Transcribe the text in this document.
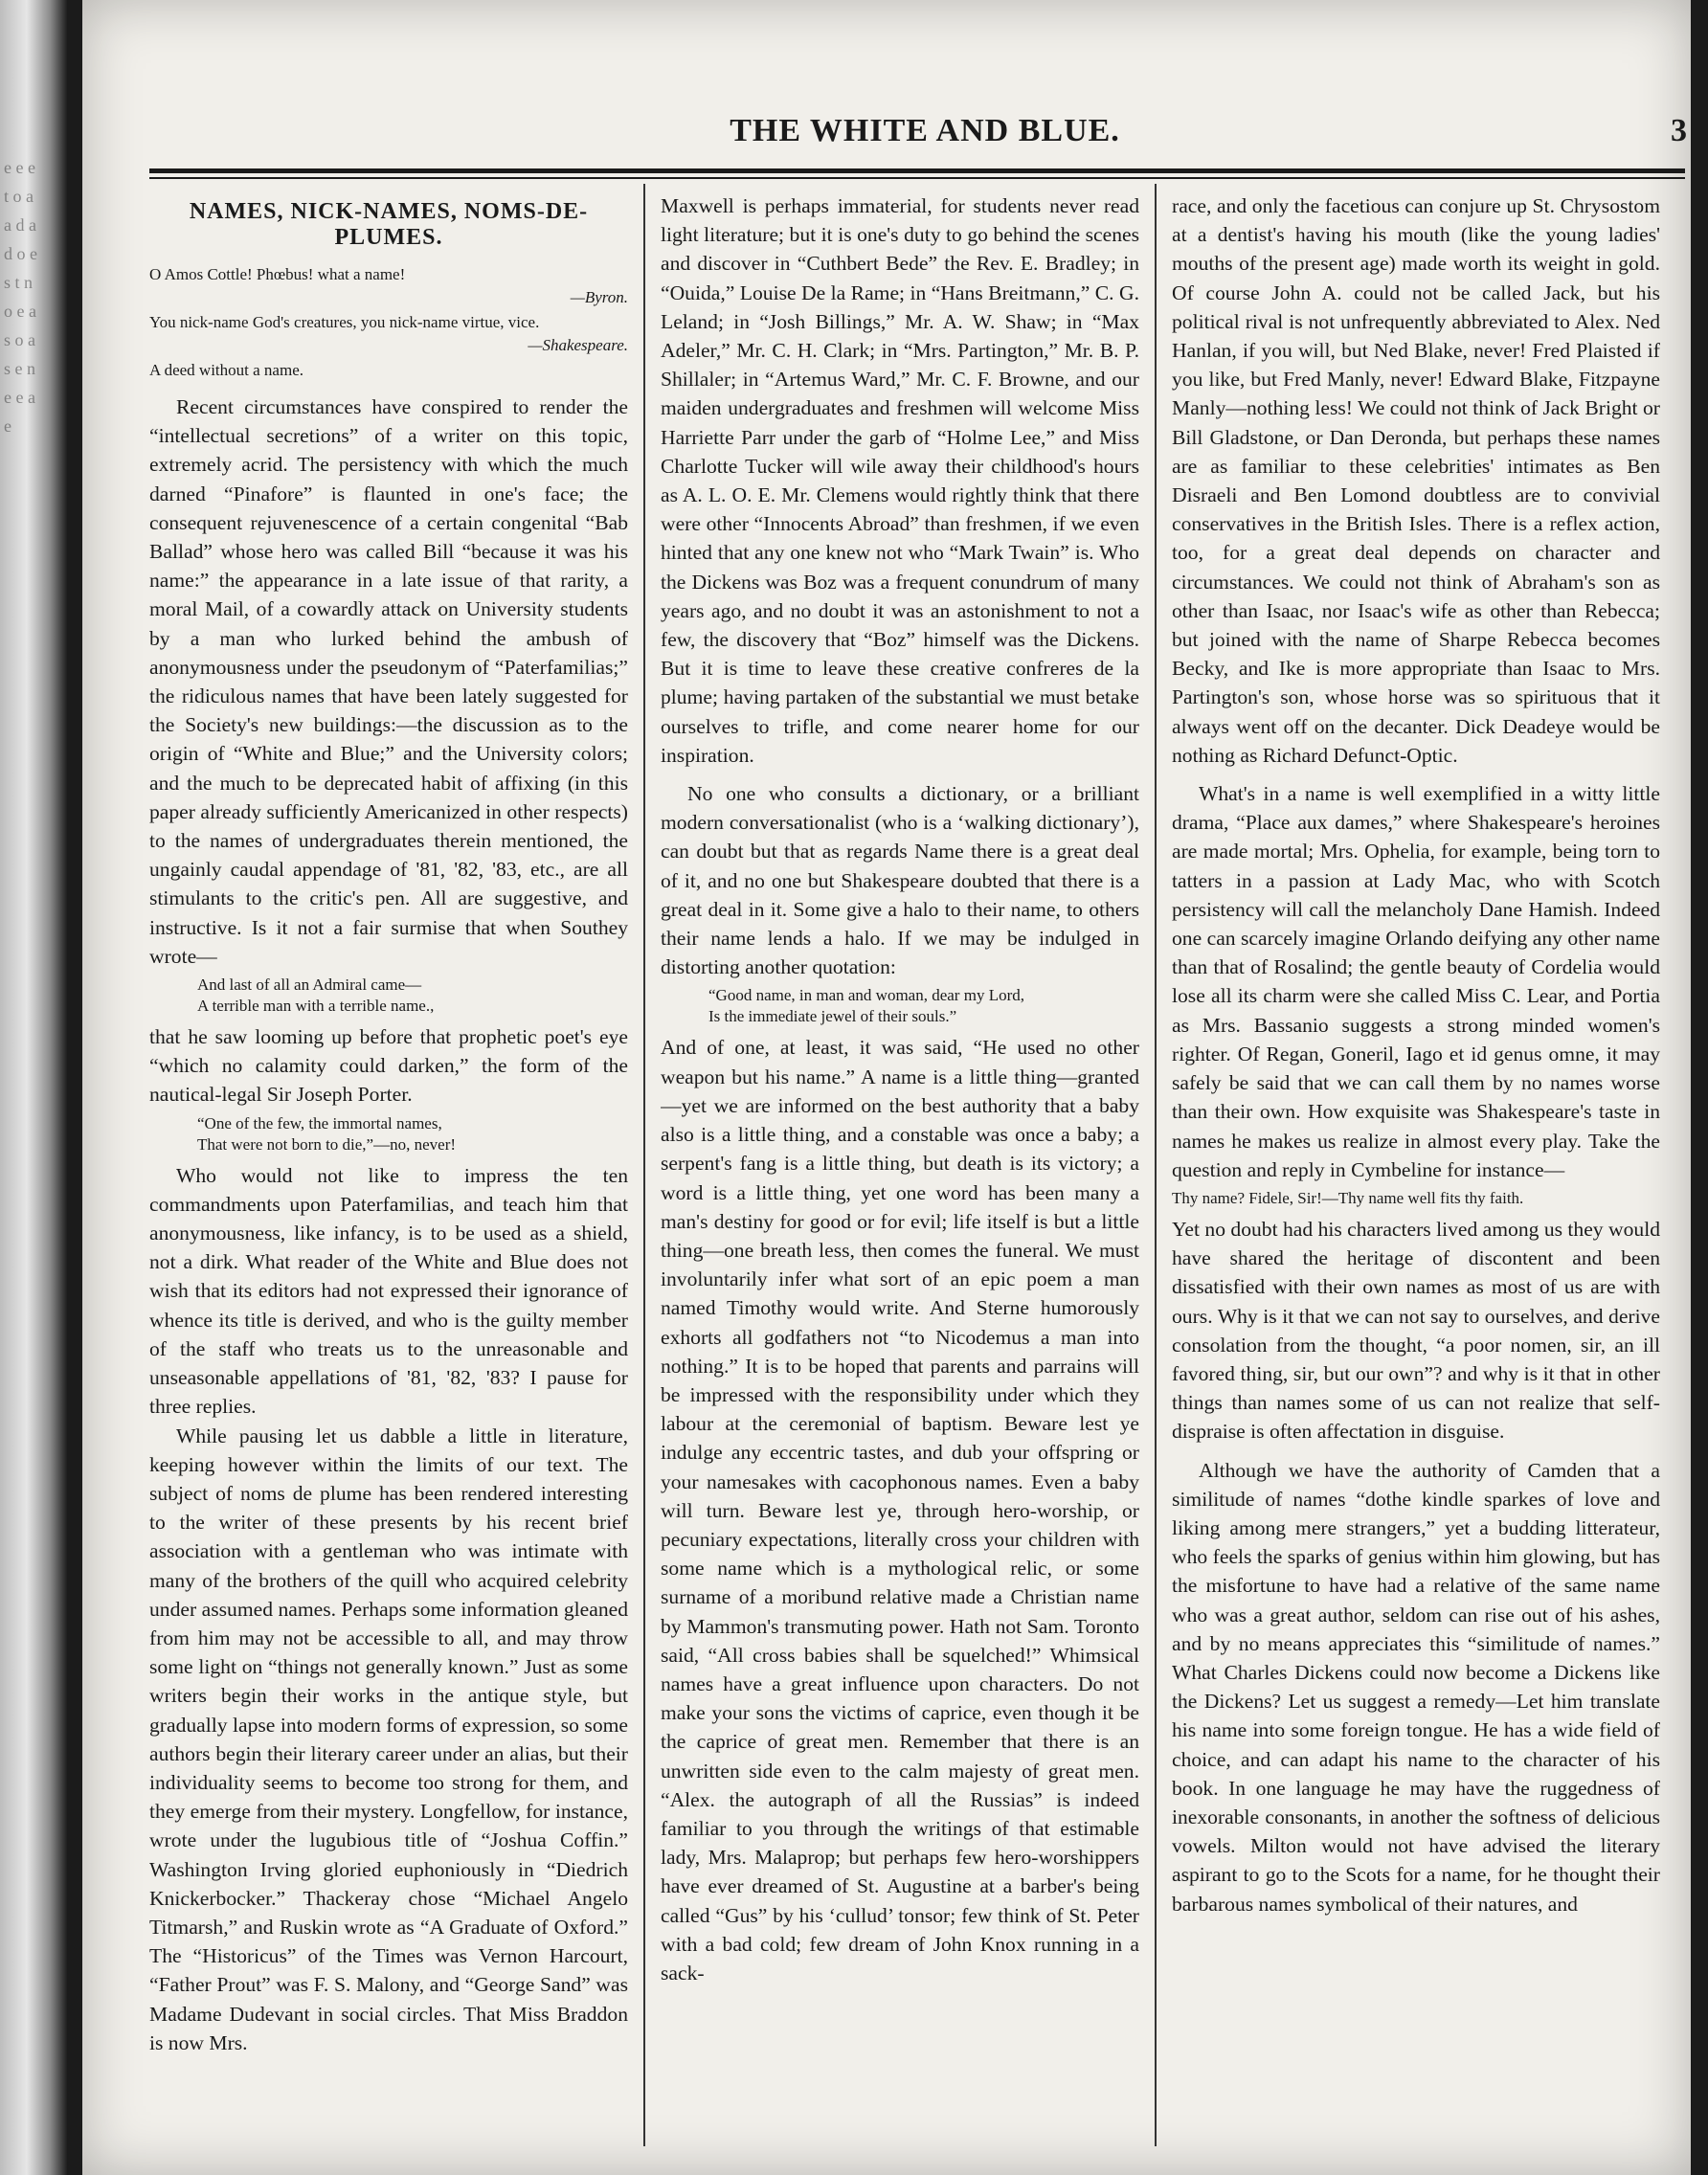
e e e t o a a d a d o e s t n o e a s o a s e n e e a e
THE WHITE AND BLUE.	3
NAMES, NICK-NAMES, NOMS-DE-PLUMES.
O Amos Cottle! Phœbus! what a name!
—Byron.
You nick-name God's creatures, you nick-name virtue, vice.
—Shakespeare.
A deed without a name.

Recent circumstances have conspired to render the “intellectual secretions” of a writer on this topic, extremely acrid. The persistency with which the much darned “Pinafore” is flaunted in one's face; the consequent rejuvenescence of a certain congenital “Bab Ballad” whose hero was called Bill “because it was his name:” the appearance in a late issue of that rarity, a moral Mail, of a cowardly attack on University students by a man who lurked behind the ambush of anonymousness under the pseudonym of “Paterfamilias;” the ridiculous names that have been lately suggested for the Society's new buildings:—the discussion as to the origin of “White and Blue;” and the University colors; and the much to be deprecated habit of affixing (in this paper already sufficiently Americanized in other respects) to the names of undergraduates therein mentioned, the ungainly caudal appendage of '81, '82, '83, etc., are all stimulants to the critic's pen. All are suggestive, and instructive. Is it not a fair surmise that when Southey wrote—

And last of all an Admiral came—
A terrible man with a terrible name.,

that he saw looming up before that prophetic poet's eye “which no calamity could darken,” the form of the nautical-legal Sir Joseph Porter.

“One of the few, the immortal names,
That were not born to die,”—no, never!

Who would not like to impress the ten commandments upon Paterfamilias, and teach him that anonymousness, like infancy, is to be used as a shield, not a dirk. What reader of the White and Blue does not wish that its editors had not expressed their ignorance of whence its title is derived, and who is the guilty member of the staff who treats us to the unreasonable and unseasonable appellations of '81, '82, '83? I pause for three replies.

While pausing let us dabble a little in literature, keeping however within the limits of our text. The subject of noms de plume has been rendered interesting to the writer of these presents by his recent brief association with a gentleman who was intimate with many of the brothers of the quill who acquired celebrity under assumed names. Perhaps some information gleaned from him may not be accessible to all, and may throw some light on “things not generally known.” Just as some writers begin their works in the antique style, but gradually lapse into modern forms of expression, so some authors begin their literary career under an alias, but their individuality seems to become too strong for them, and they emerge from their mystery. Longfellow, for instance, wrote under the lugubious title of “Joshua Coffin.” Washington Irving gloried euphoniously in “Diedrich Knickerbocker.” Thackeray chose “Michael Angelo Titmarsh,” and Ruskin wrote as “A Graduate of Oxford.” The “Historicus” of the Times was Vernon Harcourt, “Father Prout” was F. S. Malony, and “George Sand” was Madame Dudevant in social circles. That Miss Braddon is now Mrs.

Maxwell is perhaps immaterial, for students never read light literature; but it is one's duty to go behind the scenes and discover in “Cuthbert Bede” the Rev. E. Bradley; in “Ouida,” Louise De la Rame; in “Hans Breitmann,” C. G. Leland; in “Josh Billings,” Mr. A. W. Shaw; in “Max Adeler,” Mr. C. H. Clark; in “Mrs. Partington,” Mr. B. P. Shillaler; in “Artemus Ward,” Mr. C. F. Browne, and our maiden undergraduates and freshmen will welcome Miss Harriette Parr under the garb of “Holme Lee,” and Miss Charlotte Tucker will wile away their childhood's hours as A. L. O. E. Mr. Clemens would rightly think that there were other “Innocents Abroad” than freshmen, if we even hinted that any one knew not who “Mark Twain” is. Who the Dickens was Boz was a frequent conundrum of many years ago, and no doubt it was an astonishment to not a few, the discovery that “Boz” himself was the Dickens. But it is time to leave these creative confreres de la plume; having partaken of the substantial we must betake ourselves to trifle, and come nearer home for our inspiration.

No one who consults a dictionary, or a brilliant modern conversationalist (who is a ‘walking dictionary’), can doubt but that as regards Name there is a great deal of it, and no one but Shakespeare doubted that there is a great deal in it. Some give a halo to their name, to others their name lends a halo. If we may be indulged in distorting another quotation:

“Good name, in man and woman, dear my Lord,
Is the immediate jewel of their souls.”

And of one, at least, it was said, “He used no other weapon but his name.” A name is a little thing—granted—yet we are informed on the best authority that a baby also is a little thing, and a constable was once a baby; a serpent's fang is a little thing, but death is its victory; a word is a little thing, yet one word has been many a man's destiny for good or for evil; life itself is but a little thing—one breath less, then comes the funeral. We must involuntarily infer what sort of an epic poem a man named Timothy would write. And Sterne humorously exhorts all godfathers not “to Nicodemus a man into nothing.” It is to be hoped that parents and parrains will be impressed with the responsibility under which they labour at the ceremonial of baptism. Beware lest ye indulge any eccentric tastes, and dub your offspring or your namesakes with cacophonous names. Even a baby will turn. Beware lest ye, through hero-worship, or pecuniary expectations, literally cross your children with some name which is a mythological relic, or some surname of a moribund relative made a Christian name by Mammon's transmuting power. Hath not Sam. Toronto said, “All cross babies shall be squelched!” Whimsical names have a great influence upon characters. Do not make your sons the victims of caprice, even though it be the caprice of great men. Remember that there is an unwritten side even to the calm majesty of great men. “Alex. the autograph of all the Russias” is indeed familiar to you through the writings of that estimable lady, Mrs. Malaprop; but perhaps few hero-worshippers have ever dreamed of St. Augustine at a barber's being called “Gus” by his ‘cullud’ tonsor; few think of St. Peter with a bad cold; few dream of John Knox running in a sack-

race, and only the facetious can conjure up St. Chrysostom at a dentist's having his mouth (like the young ladies' mouths of the present age) made worth its weight in gold. Of course John A. could not be called Jack, but his political rival is not unfrequently abbreviated to Alex. Ned Hanlan, if you will, but Ned Blake, never! Fred Plaisted if you like, but Fred Manly, never! Edward Blake, Fitzpayne Manly—nothing less! We could not think of Jack Bright or Bill Gladstone, or Dan Deronda, but perhaps these names are as familiar to these celebrities' intimates as Ben Disraeli and Ben Lomond doubtless are to convivial conservatives in the British Isles. There is a reflex action, too, for a great deal depends on character and circumstances. We could not think of Abraham's son as other than Isaac, nor Isaac's wife as other than Rebecca; but joined with the name of Sharpe Rebecca becomes Becky, and Ike is more appropriate than Isaac to Mrs. Partington's son, whose horse was so spirituous that it always went off on the decanter. Dick Deadeye would be nothing as Richard Defunct-Optic.

What's in a name is well exemplified in a witty little drama, “Place aux dames,” where Shakespeare's heroines are made mortal; Mrs. Ophelia, for example, being torn to tatters in a passion at Lady Mac, who with Scotch persistency will call the melancholy Dane Hamish. Indeed one can scarcely imagine Orlando deifying any other name than that of Rosalind; the gentle beauty of Cordelia would lose all its charm were she called Miss C. Lear, and Portia as Mrs. Bassanio suggests a strong minded women's righter. Of Regan, Goneril, Iago et id genus omne, it may safely be said that we can call them by no names worse than their own. How exquisite was Shakespeare's taste in names he makes us realize in almost every play. Take the question and reply in Cymbeline for instance—

Thy name? Fidele, Sir!—Thy name well fits thy faith.

Yet no doubt had his characters lived among us they would have shared the heritage of discontent and been dissatisfied with their own names as most of us are with ours. Why is it that we can not say to ourselves, and derive consolation from the thought, “a poor nomen, sir, an ill favored thing, sir, but our own”? and why is it that in other things than names some of us can not realize that self-dispraise is often affectation in disguise.

Although we have the authority of Camden that a similitude of names “dothe kindle sparkes of love and liking among mere strangers,” yet a budding litterateur, who feels the sparks of genius within him glowing, but has the misfortune to have had a relative of the same name who was a great author, seldom can rise out of his ashes, and by no means appreciates this “similitude of names.” What Charles Dickens could now become a Dickens like the Dickens? Let us suggest a remedy—Let him translate his name into some foreign tongue. He has a wide field of choice, and can adapt his name to the character of his book. In one language he may have the ruggedness of inexorable consonants, in another the softness of delicious vowels. Milton would not have advised the literary aspirant to go to the Scots for a name, for he thought their barbarous names symbolical of their natures, and
